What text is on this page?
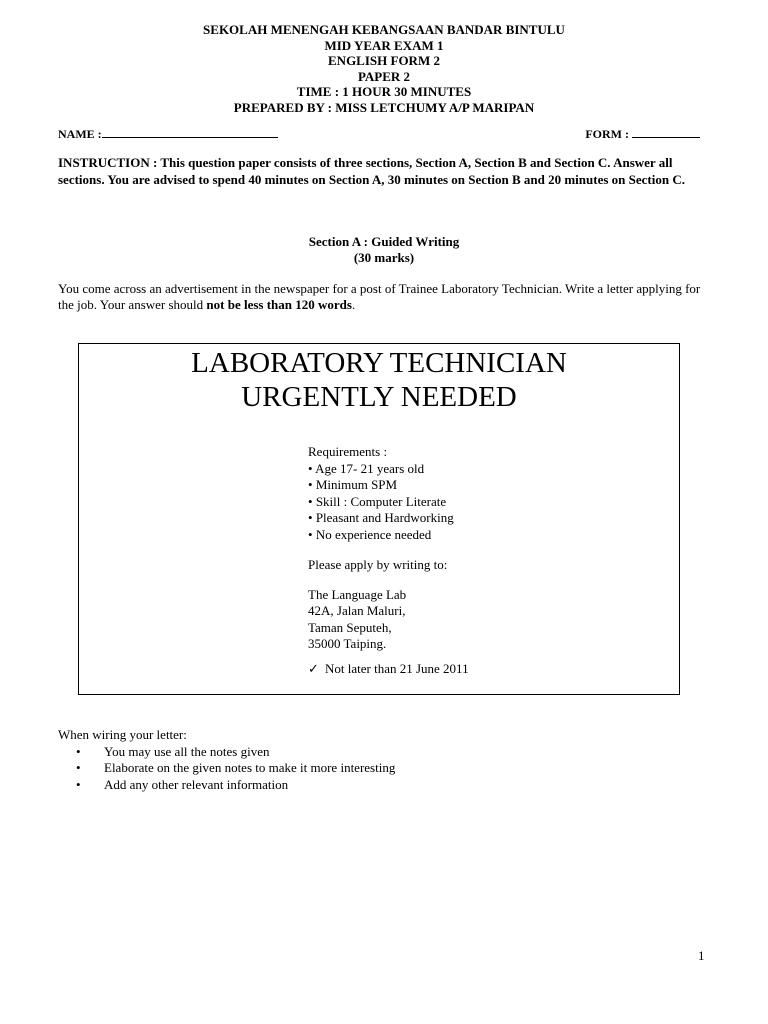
SEKOLAH MENENGAH KEBANGSAAN BANDAR BINTULU
MID YEAR EXAM 1
ENGLISH FORM 2
PAPER 2
TIME : 1 HOUR 30 MINUTES
PREPARED BY : MISS LETCHUMY A/P MARIPAN
NAME :	FORM :
INSTRUCTION : This question paper consists of three sections, Section A, Section B and Section C. Answer all sections. You are advised to spend 40 minutes on Section A, 30 minutes on Section B and 20 minutes on Section C.
Section A : Guided Writing
(30 marks)
You come across an advertisement in the newspaper for a post of Trainee Laboratory Technician. Write a letter applying for the job. Your answer should not be less than 120 words.
LABORATORY TECHNICIAN
URGENTLY NEEDED
Requirements :
• Age 17- 21 years old
• Minimum SPM
• Skill : Computer Literate
• Pleasant and Hardworking
• No experience needed
Please apply by writing to:
The Language Lab
42A, Jalan Maluri,
Taman Seputeh,
35000 Taiping.
✓ Not later than 21 June 2011
When wiring your letter:
• You may use all the notes given
• Elaborate on the given notes to make it more interesting
• Add any other relevant information
1
